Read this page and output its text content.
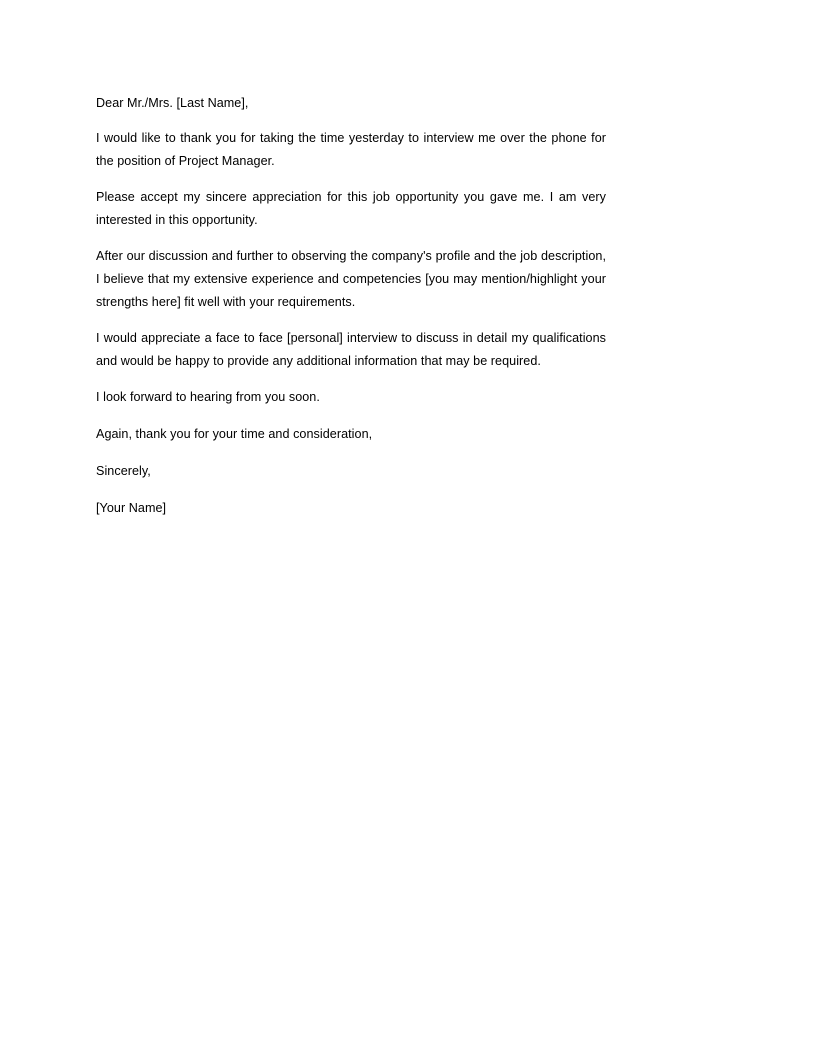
Dear Mr./Mrs. [Last Name],

I would like to thank you for taking the time yesterday to interview me over the phone for the position of Project Manager.

Please accept my sincere appreciation for this job opportunity you gave me. I am very interested in this opportunity.

After our discussion and further to observing the company's profile and the job description, I believe that my extensive experience and competencies [you may mention/highlight your strengths here] fit well with your requirements.

I would appreciate a face to face [personal] interview to discuss in detail my qualifications and would be happy to provide any additional information that may be required.

I look forward to hearing from you soon.

Again, thank you for your time and consideration,

Sincerely,

[Your Name]
